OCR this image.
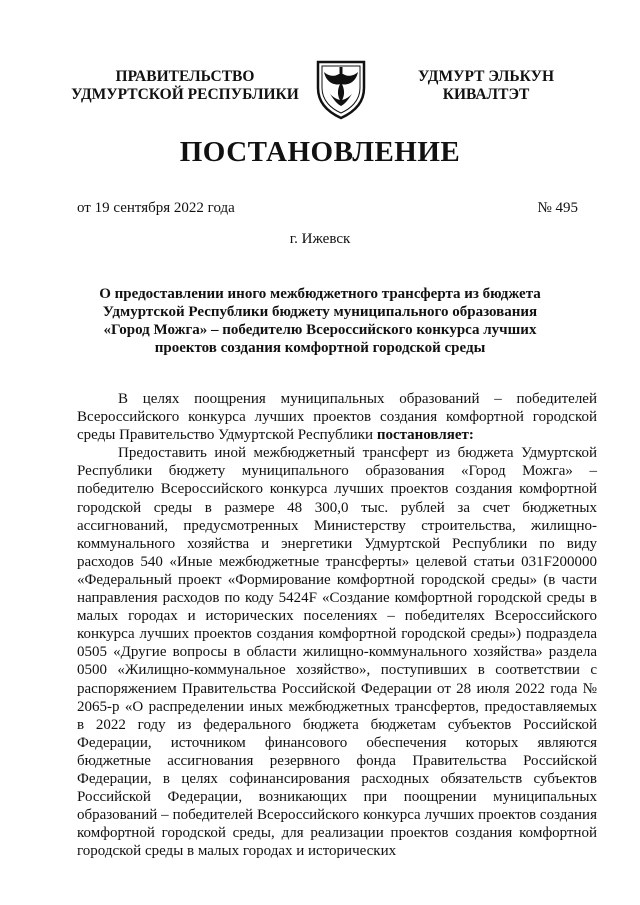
ПРАВИТЕЛЬСТВО
УДМУРТСКОЙ РЕСПУБЛИКИ
УДМУРТ ЭЛЬКУН
КИВАЛТЭТ
ПОСТАНОВЛЕНИЕ
от 19 сентября 2022 года	№ 495
г. Ижевск
О предоставлении иного межбюджетного трансферта из бюджета
Удмуртской Республики бюджету муниципального образования
«Город Можга» – победителю Всероссийского конкурса лучших
проектов создания комфортной городской среды

В целях поощрения муниципальных образований – победителей Всероссийского конкурса лучших проектов создания комфортной городской среды Правительство Удмуртской Республики постановляет:

Предоставить иной межбюджетный трансферт из бюджета Удмуртской Республики бюджету муниципального образования «Город Можга» – победителю Всероссийского конкурса лучших проектов создания комфортной городской среды в размере 48 300,0 тыс. рублей за счет бюджетных ассигнований, предусмотренных Министерству строительства, жилищно-коммунального хозяйства и энергетики Удмуртской Республики по виду расходов 540 «Иные межбюджетные трансферты» целевой статьи 031F200000 «Федеральный проект «Формирование комфортной городской среды» (в части направления расходов по коду 5424F «Создание комфортной городской среды в малых городах и исторических поселениях – победителях Всероссийского конкурса лучших проектов создания комфортной городской среды») подраздела 0505 «Другие вопросы в области жилищно-коммунального хозяйства» раздела 0500 «Жилищно-коммунальное хозяйство», поступивших в соответствии с распоряжением Правительства Российской Федерации от 28 июля 2022 года № 2065-р «О распределении иных межбюджетных трансфертов, предоставляемых в 2022 году из федерального бюджета бюджетам субъектов Российской Федерации, источником финансового обеспечения которых являются бюджетные ассигнования резервного фонда Правительства Российской Федерации, в целях софинансирования расходных обязательств субъектов Российской Федерации, возникающих при поощрении муниципальных образований – победителей Всероссийского конкурса лучших проектов создания комфортной городской среды, для реализации проектов создания комфортной городской среды в малых городах и исторических
